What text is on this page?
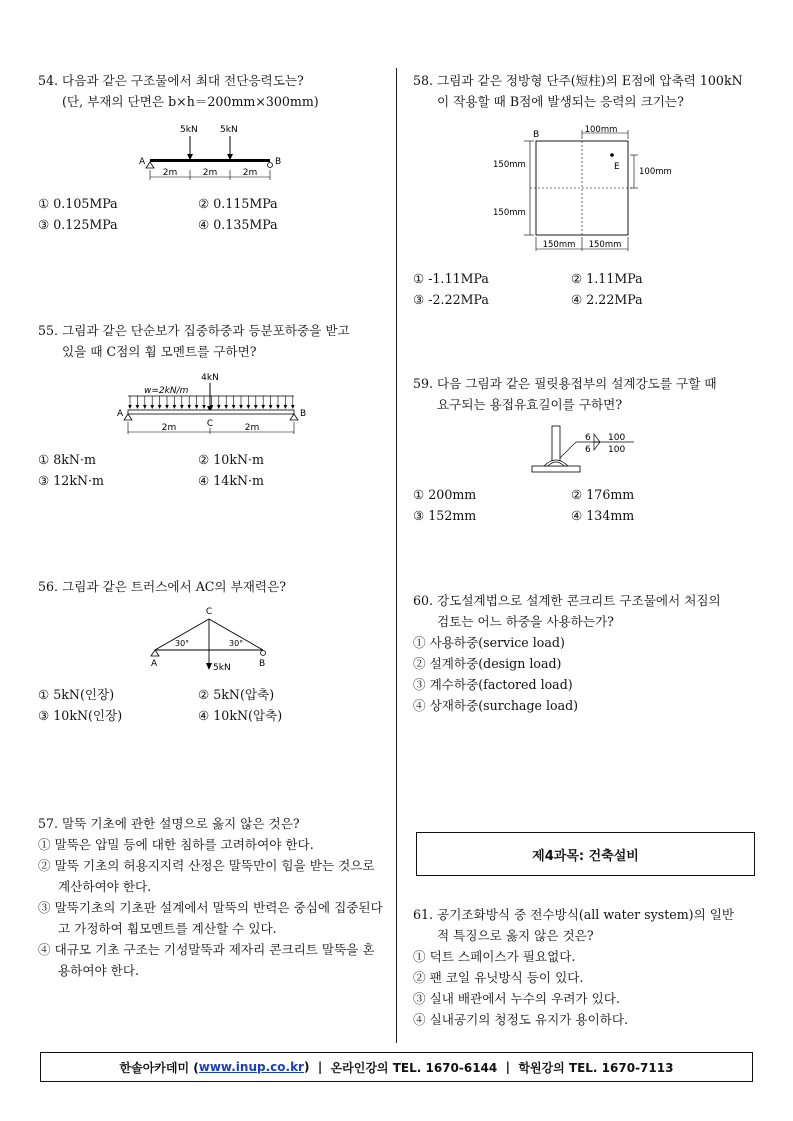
54. 다음과 같은 구조물에서 최대 전단응력도는?
(단, 부재의 단면은 b×h＝200mm×300mm)
5kN 5kN
A	B
2m	2m	2m
① 0.105MPa	② 0.115MPa
③ 0.125MPa	④ 0.135MPa
55. 그림과 같은 단순보가 집중하중과 등분포하중을 받고
있을 때 C점의 휨 모멘트를 구하면?
4kN
w=2kN/m
A	B
C
2m	2m
① 8kN·m	② 10kN·m
③ 12kN·m	④ 14kN·m
56. 그림과 같은 트러스에서 AC의 부재력은?
C
30°	30°
A	B
5kN
① 5kN(인장)	② 5kN(압축)
③ 10kN(인장)	④ 10kN(압축)
57. 말뚝 기초에 관한 설명으로 옳지 않은 것은?
① 말뚝은 압밀 등에 대한 침하를 고려하여야 한다.
② 말뚝 기초의 허용지지력 산정은 말뚝만이 힘을 받는 것으로 계산하여야 한다.
③ 말뚝기초의 기초판 설계에서 말뚝의 반력은 중심에 집중된다고 가정하여 휨모멘트를 계산할 수 있다.
④ 대규모 기초 구조는 기성말뚝과 제자리 콘크리트 말뚝을 혼용하여야 한다.
58. 그림과 같은 정방형 단주(短柱)의 E점에 압축력 100kN
이 작용할 때 B점에 발생되는 응력의 크기는?
B
E
100mm
100mm
150mm
150mm
150mm 150mm
① -1.11MPa	② 1.11MPa
③ -2.22MPa	④ 2.22MPa
59. 다음 그림과 같은 필릿용접부의 설계강도를 구할 때
요구되는 용접유효길이를 구하면?
6 100
6 100
① 200mm	② 176mm
③ 152mm	④ 134mm
60. 강도설계법으로 설계한 콘크리트 구조물에서 처짐의
검토는 어느 하중을 사용하는가?
① 사용하중(service load)
② 설계하중(design load)
③ 계수하중(factored load)
④ 상재하중(surchage load)
제4과목: 건축설비
61. 공기조화방식 중 전수방식(all water system)의 일반
적 특징으로 옳지 않은 것은?
① 덕트 스페이스가 필요없다.
② 팬 코일 유닛방식 등이 있다.
③ 실내 배관에서 누수의 우려가 있다.
④ 실내공기의 청정도 유지가 용이하다.
한솔아카데미 ( www.inup.co.kr )
|
온라인강의 TEL. 1670-6144
|
학원강의 TEL. 1670-7113
